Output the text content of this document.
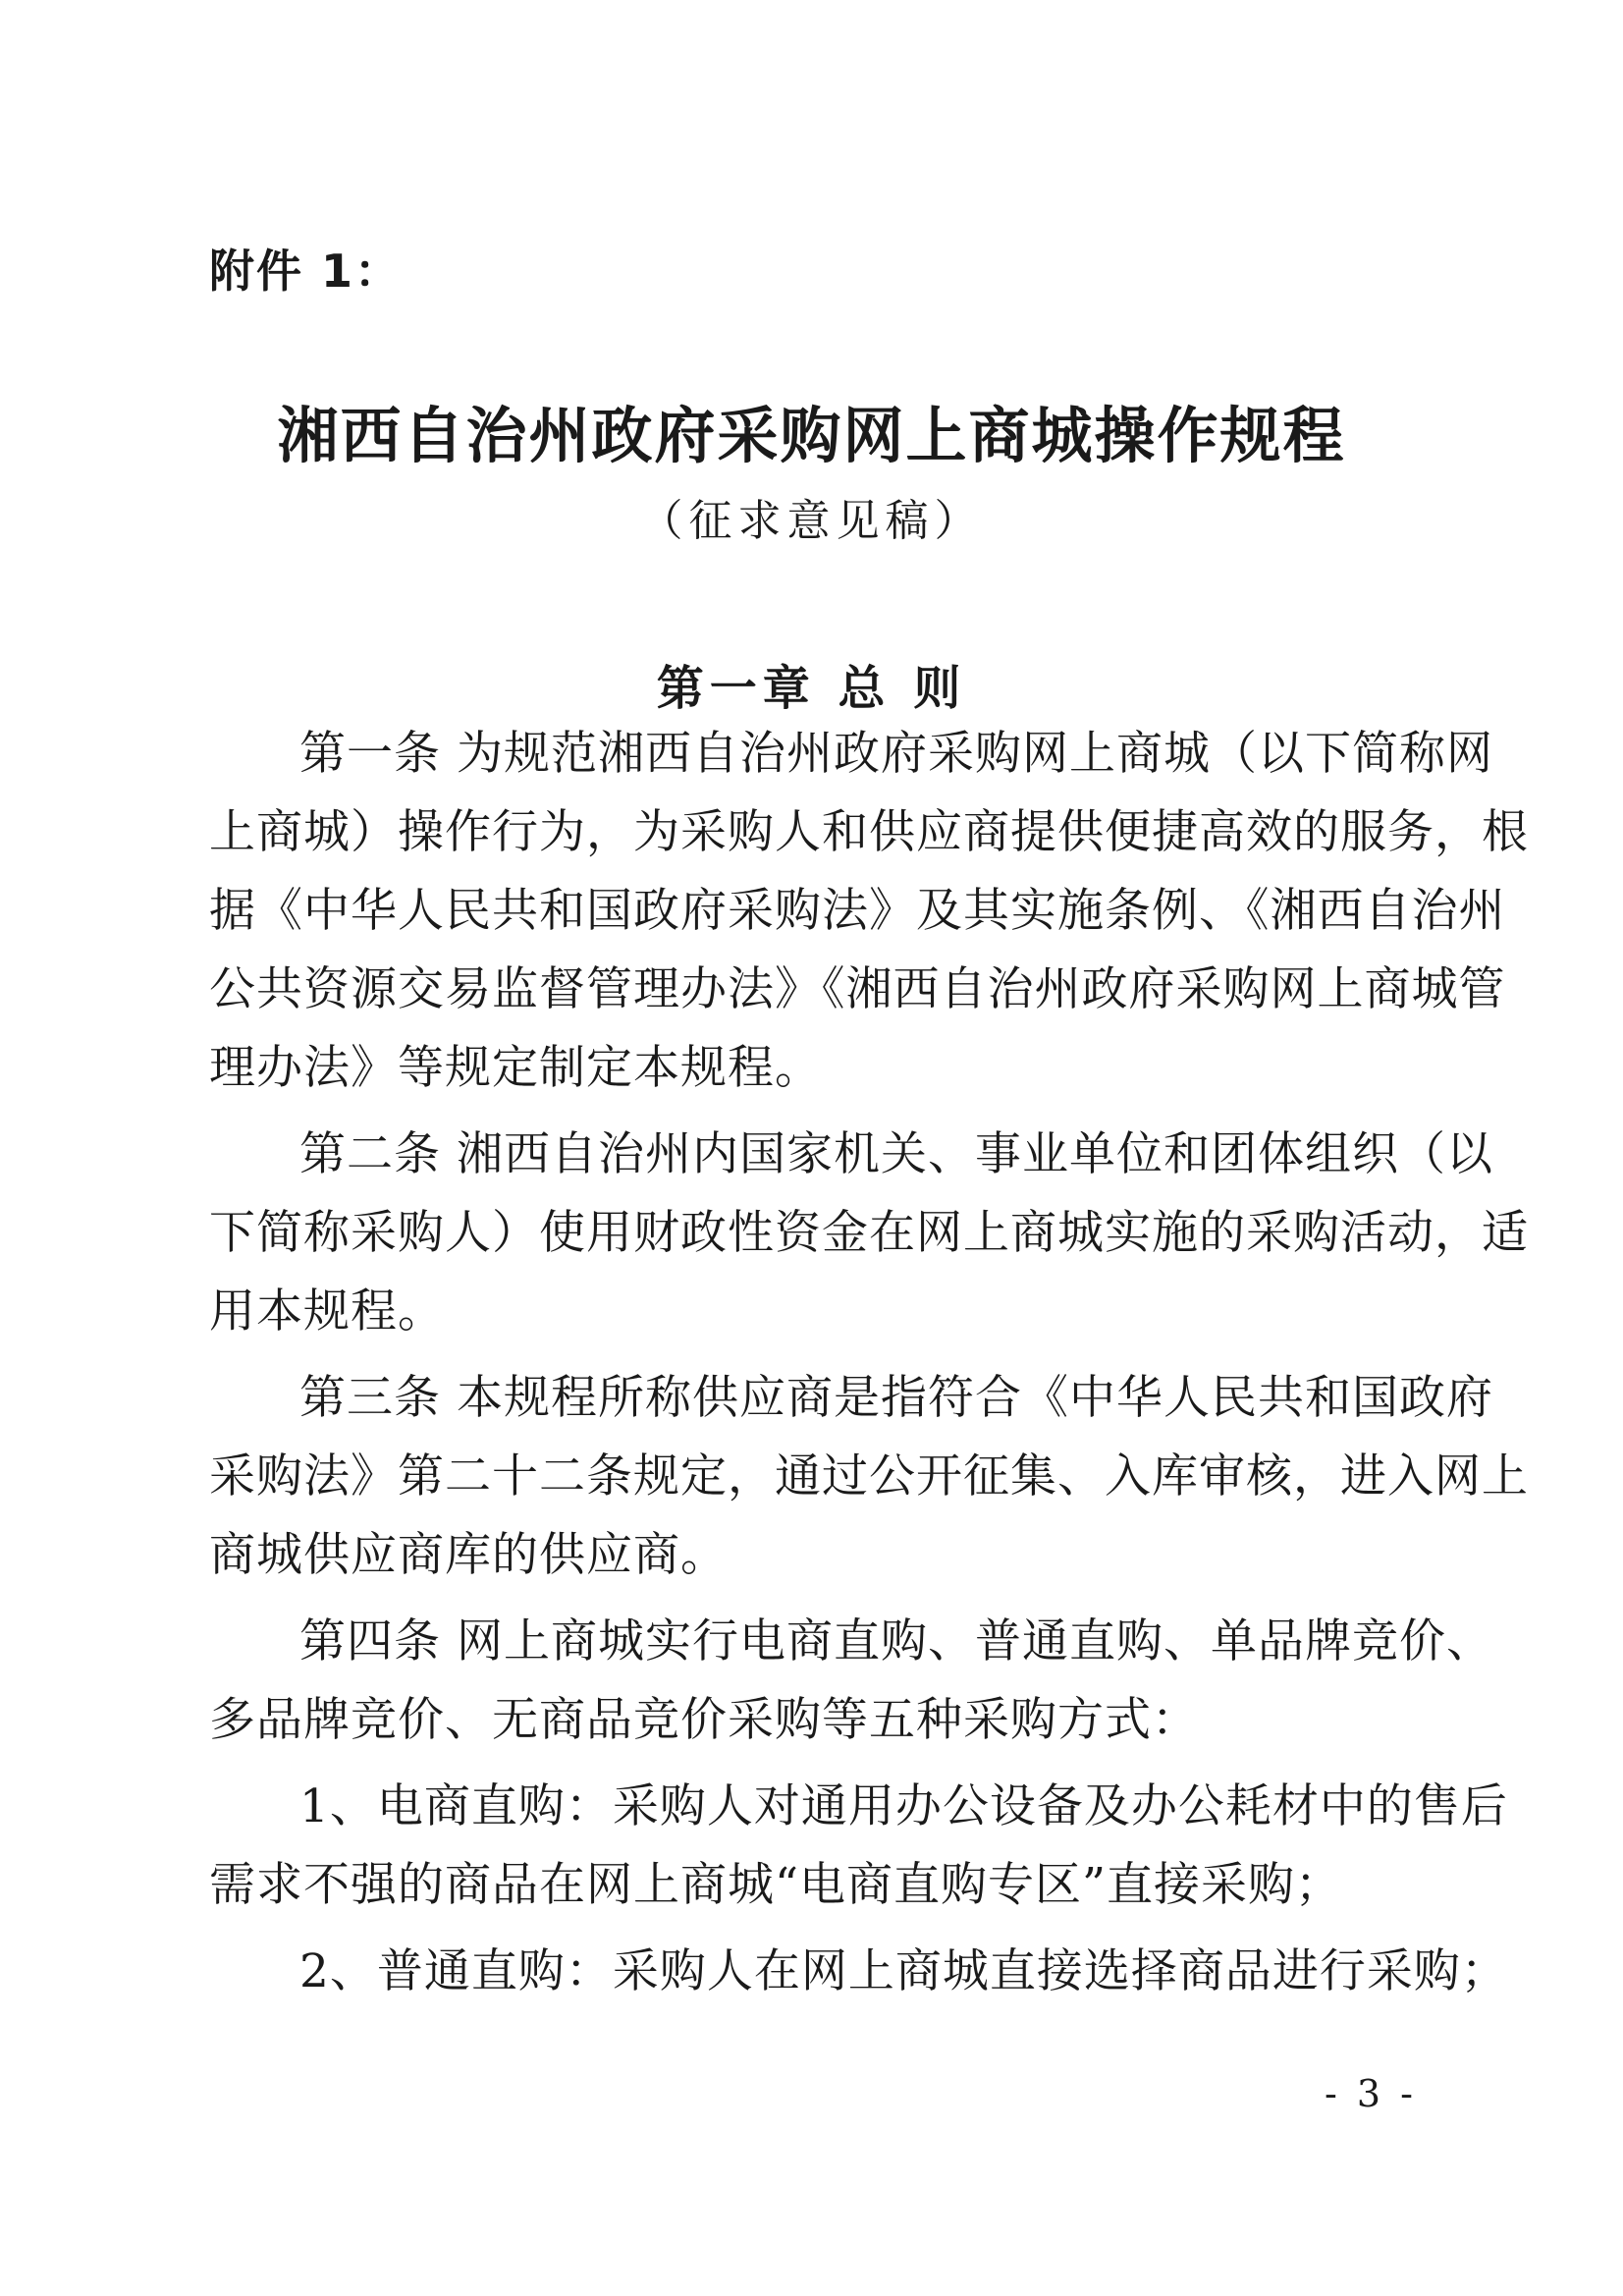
附件 1：
湘西自治州政府采购网上商城操作规程
（征求意见稿）
第一章 总 则
第一条 为规范湘西自治州政府采购网上商城（以下简称网
上商城）操作行为，为采购人和供应商提供便捷高效的服务，根
据《中华人民共和国政府采购法》及其实施条例、《湘西自治州
公共资源交易监督管理办法》《湘西自治州政府采购网上商城管
理办法》等规定制定本规程。
第二条 湘西自治州内国家机关、事业单位和团体组织（以
下简称采购人）使用财政性资金在网上商城实施的采购活动，适
用本规程。
第三条 本规程所称供应商是指符合《中华人民共和国政府
采购法》第二十二条规定，通过公开征集、入库审核，进入网上
商城供应商库的供应商。
第四条 网上商城实行电商直购、普通直购、单品牌竞价、
多品牌竞价、无商品竞价采购等五种采购方式：
1、电商直购：采购人对通用办公设备及办公耗材中的售后
需求不强的商品在网上商城“电商直购专区”直接采购；
2、普通直购：采购人在网上商城直接选择商品进行采购；
- 3 -
